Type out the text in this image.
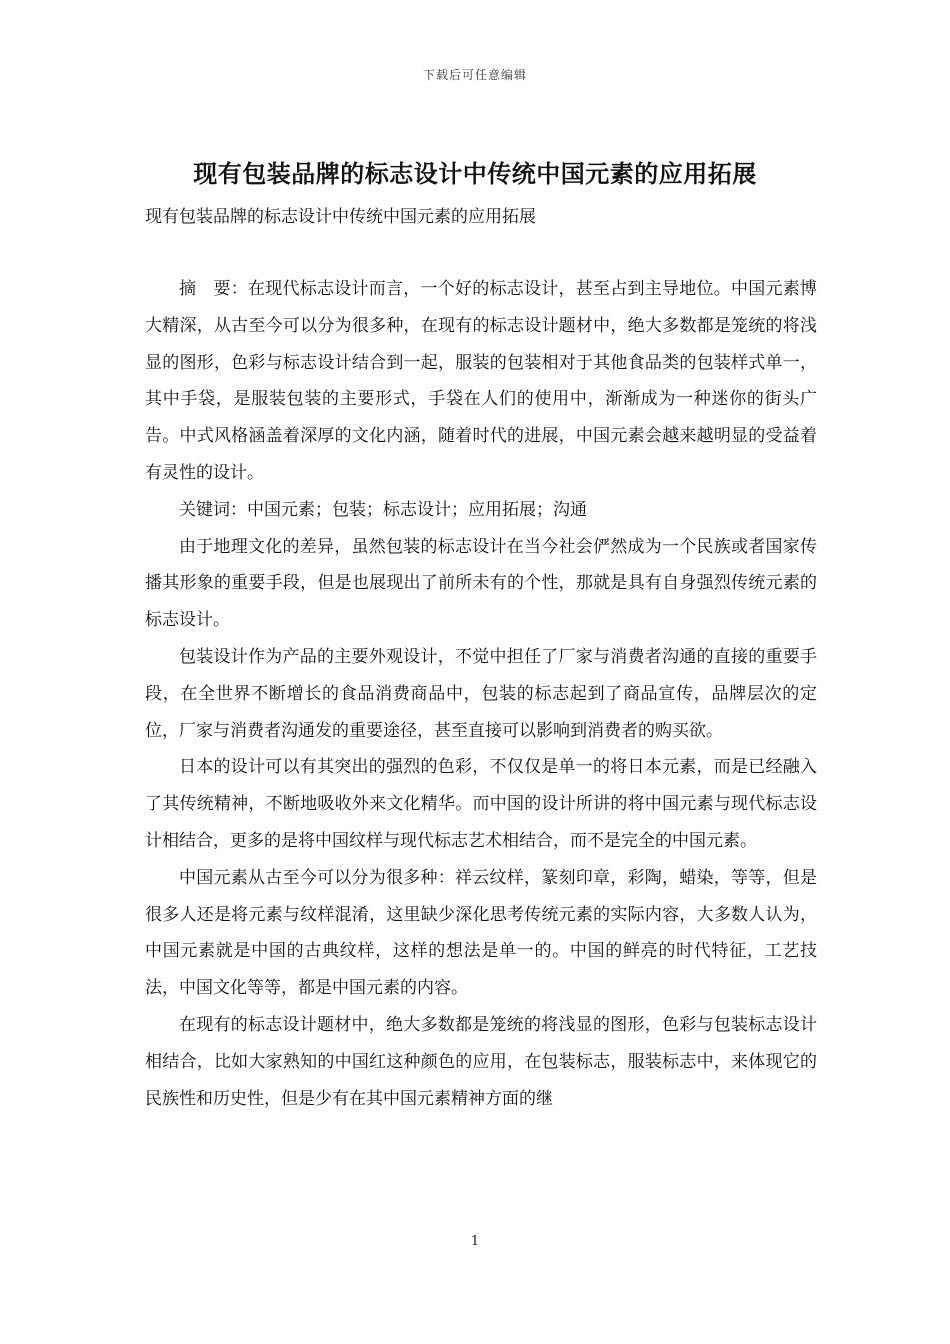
下载后可任意编辑
现有包装品牌的标志设计中传统中国元素的应用拓展
现有包装品牌的标志设计中传统中国元素的应用拓展

摘　要：在现代标志设计而言，一个好的标志设计，甚至占到主导地位。中国元素博大精深，从古至今可以分为很多种，在现有的标志设计题材中，绝大多数都是笼统的将浅显的图形，色彩与标志设计结合到一起，服装的包装相对于其他食品类的包装样式单一，其中手袋，是服装包装的主要形式，手袋在人们的使用中，渐渐成为一种迷你的街头广告。中式风格涵盖着深厚的文化内涵，随着时代的进展，中国元素会越来越明显的受益着有灵性的设计。

关键词：中国元素；包装；标志设计；应用拓展；沟通

由于地理文化的差异，虽然包装的标志设计在当今社会俨然成为一个民族或者国家传播其形象的重要手段，但是也展现出了前所未有的个性，那就是具有自身强烈传统元素的标志设计。

包装设计作为产品的主要外观设计，不觉中担任了厂家与消费者沟通的直接的重要手段，在全世界不断增长的食品消费商品中，包装的标志起到了商品宣传，品牌层次的定位，厂家与消费者沟通发的重要途径，甚至直接可以影响到消费者的购买欲。

日本的设计可以有其突出的强烈的色彩，不仅仅是单一的将日本元素，而是已经融入了其传统精神，不断地吸收外来文化精华。而中国的设计所讲的将中国元素与现代标志设计相结合，更多的是将中国纹样与现代标志艺术相结合，而不是完全的中国元素。

中国元素从古至今可以分为很多种：祥云纹样，篆刻印章，彩陶，蜡染，等等，但是很多人还是将元素与纹样混淆，这里缺少深化思考传统元素的实际内容，大多数人认为，中国元素就是中国的古典纹样，这样的想法是单一的。中国的鲜亮的时代特征，工艺技法，中国文化等等，都是中国元素的内容。

在现有的标志设计题材中，绝大多数都是笼统的将浅显的图形，色彩与包装标志设计相结合，比如大家熟知的中国红这种颜色的应用，在包装标志，服装标志中，来体现它的民族性和历史性，但是少有在其中国元素精神方面的继

1
